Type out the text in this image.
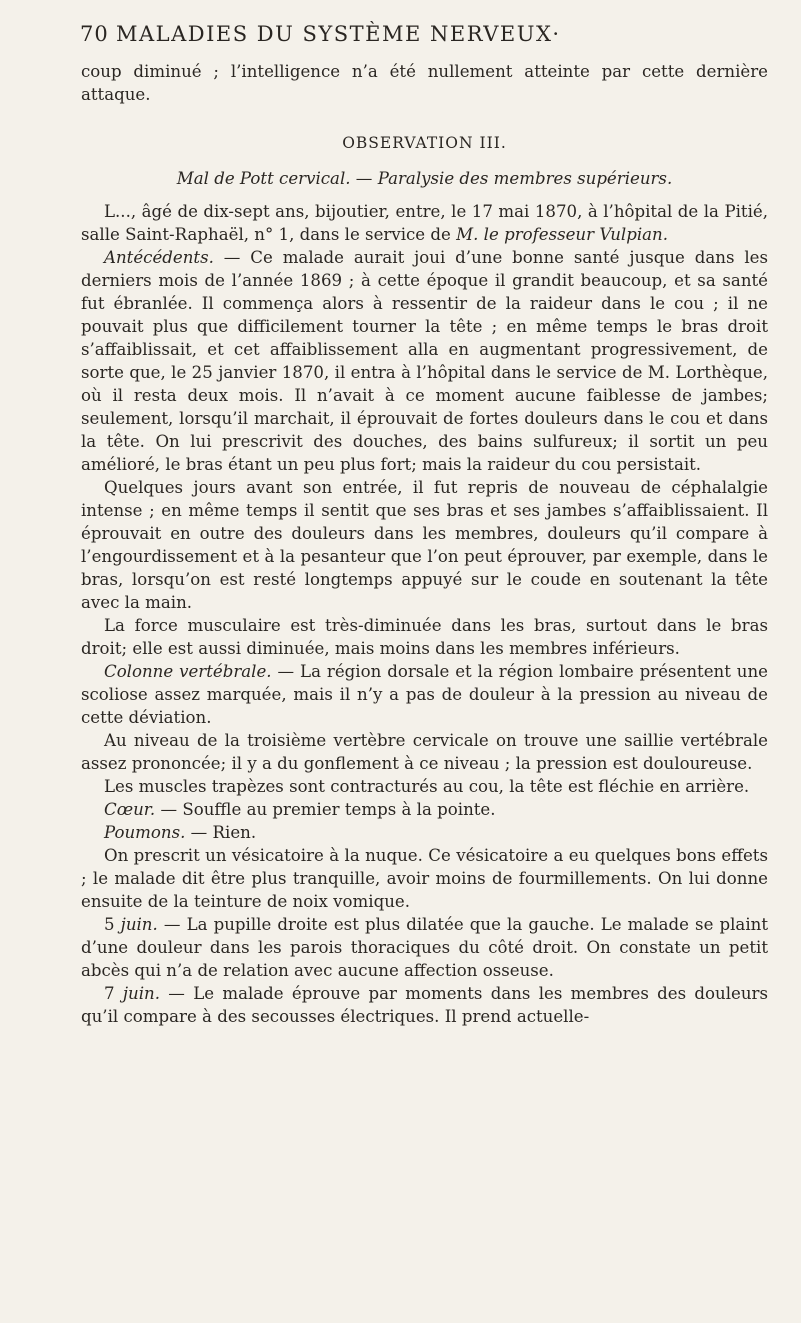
70 MALADIES DU SYSTÈME NERVEUX·

coup diminué ; l’intelligence n’a été nullement atteinte par cette dernière attaque.

OBSERVATION III.

Mal de Pott cervical. — Paralysie des membres supérieurs.

L..., âgé de dix-sept ans, bijoutier, entre, le 17 mai 1870, à l’hôpital de la Pitié, salle Saint-Raphaël, n° 1, dans le service de M. le professeur Vulpian.

Antécédents. — Ce malade aurait joui d’une bonne santé jusque dans les derniers mois de l’année 1869 ; à cette époque il grandit beaucoup, et sa santé fut ébranlée. Il commença alors à ressentir de la raideur dans le cou ; il ne pouvait plus que difficilement tourner la tête ; en même temps le bras droit s’affaiblissait, et cet affaiblissement alla en augmentant progressivement, de sorte que, le 25 janvier 1870, il entra à l’hôpital dans le service de M. Lorthèque, où il resta deux mois. Il n’avait à ce moment aucune faiblesse de jambes; seulement, lorsqu’il marchait, il éprouvait de fortes douleurs dans le cou et dans la tête. On lui prescrivit des douches, des bains sulfureux; il sortit un peu amélioré, le bras étant un peu plus fort; mais la raideur du cou persistait.

Quelques jours avant son entrée, il fut repris de nouveau de céphalalgie intense ; en même temps il sentit que ses bras et ses jambes s’affaiblissaient. Il éprouvait en outre des douleurs dans les membres, douleurs qu’il compare à l’engourdissement et à la pesanteur que l’on peut éprouver, par exemple, dans le bras, lorsqu’on est resté longtemps appuyé sur le coude en soutenant la tête avec la main.

La force musculaire est très-diminuée dans les bras, surtout dans le bras droit; elle est aussi diminuée, mais moins dans les membres inférieurs.

Colonne vertébrale. — La région dorsale et la région lombaire présentent une scoliose assez marquée, mais il n’y a pas de douleur à la pression au niveau de cette déviation.

Au niveau de la troisième vertèbre cervicale on trouve une saillie vertébrale assez prononcée; il y a du gonflement à ce niveau ; la pression est douloureuse.

Les muscles trapèzes sont contracturés au cou, la tête est fléchie en arrière.

Cœur. — Souffle au premier temps à la pointe.

Poumons. — Rien.

On prescrit un vésicatoire à la nuque. Ce vésicatoire a eu quelques bons effets ; le malade dit être plus tranquille, avoir moins de fourmillements. On lui donne ensuite de la teinture de noix vomique.

5 juin. — La pupille droite est plus dilatée que la gauche. Le malade se plaint d’une douleur dans les parois thoraciques du côté droit. On constate un petit abcès qui n’a de relation avec aucune affection osseuse.

7 juin. — Le malade éprouve par moments dans les membres des douleurs qu’il compare à des secousses électriques. Il prend actuelle-
